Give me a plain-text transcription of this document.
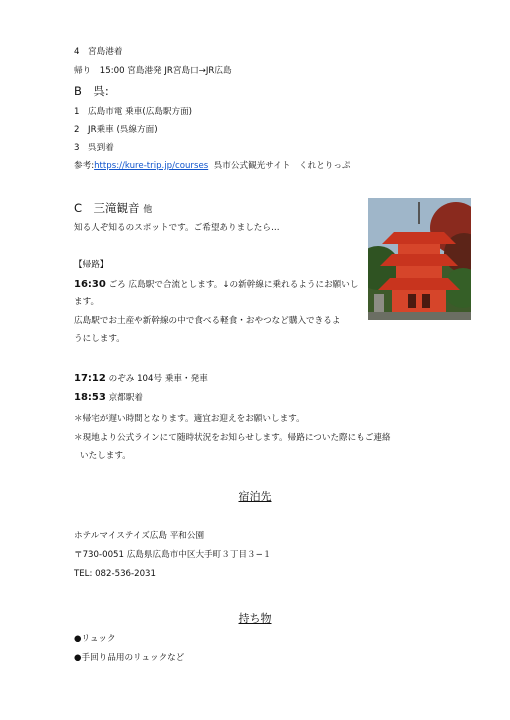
4　宮島港着
帰り　15:00 宮島港発 JR宮島口→JR広島
B　呉:
1　広島市電 乗車(広島駅方面)
2　JR乗車 (呉線方面)
3　呉到着
参考:https://kure-trip.jp/courses 呉市公式観光サイト　くれとりっぷ
C　三滝観音 他
知る人ぞ知るのスポットです。ご希望ありましたら…
【帰路】
16:30 ごろ 広島駅で合流とします。↓の新幹線に乗れるようにお願いし
ます。
広島駅でお土産や新幹線の中で食べる軽食・おやつなど購入できるよ
うにします。
17:12 のぞみ 104号 乗車・発車
18:53 京都駅着
＊帰宅が遅い時間となります。適宜お迎えをお願いします。
＊現地より公式ラインにて随時状況をお知らせします。帰路についた際にもご連絡
いたします。
宿泊先
ホテルマイステイズ広島 平和公園
〒730-0051 広島県広島市中区大手町３丁目３−１
TEL: 082-536-2031
持ち物
●リュック
●手回り品用のリュックなど
